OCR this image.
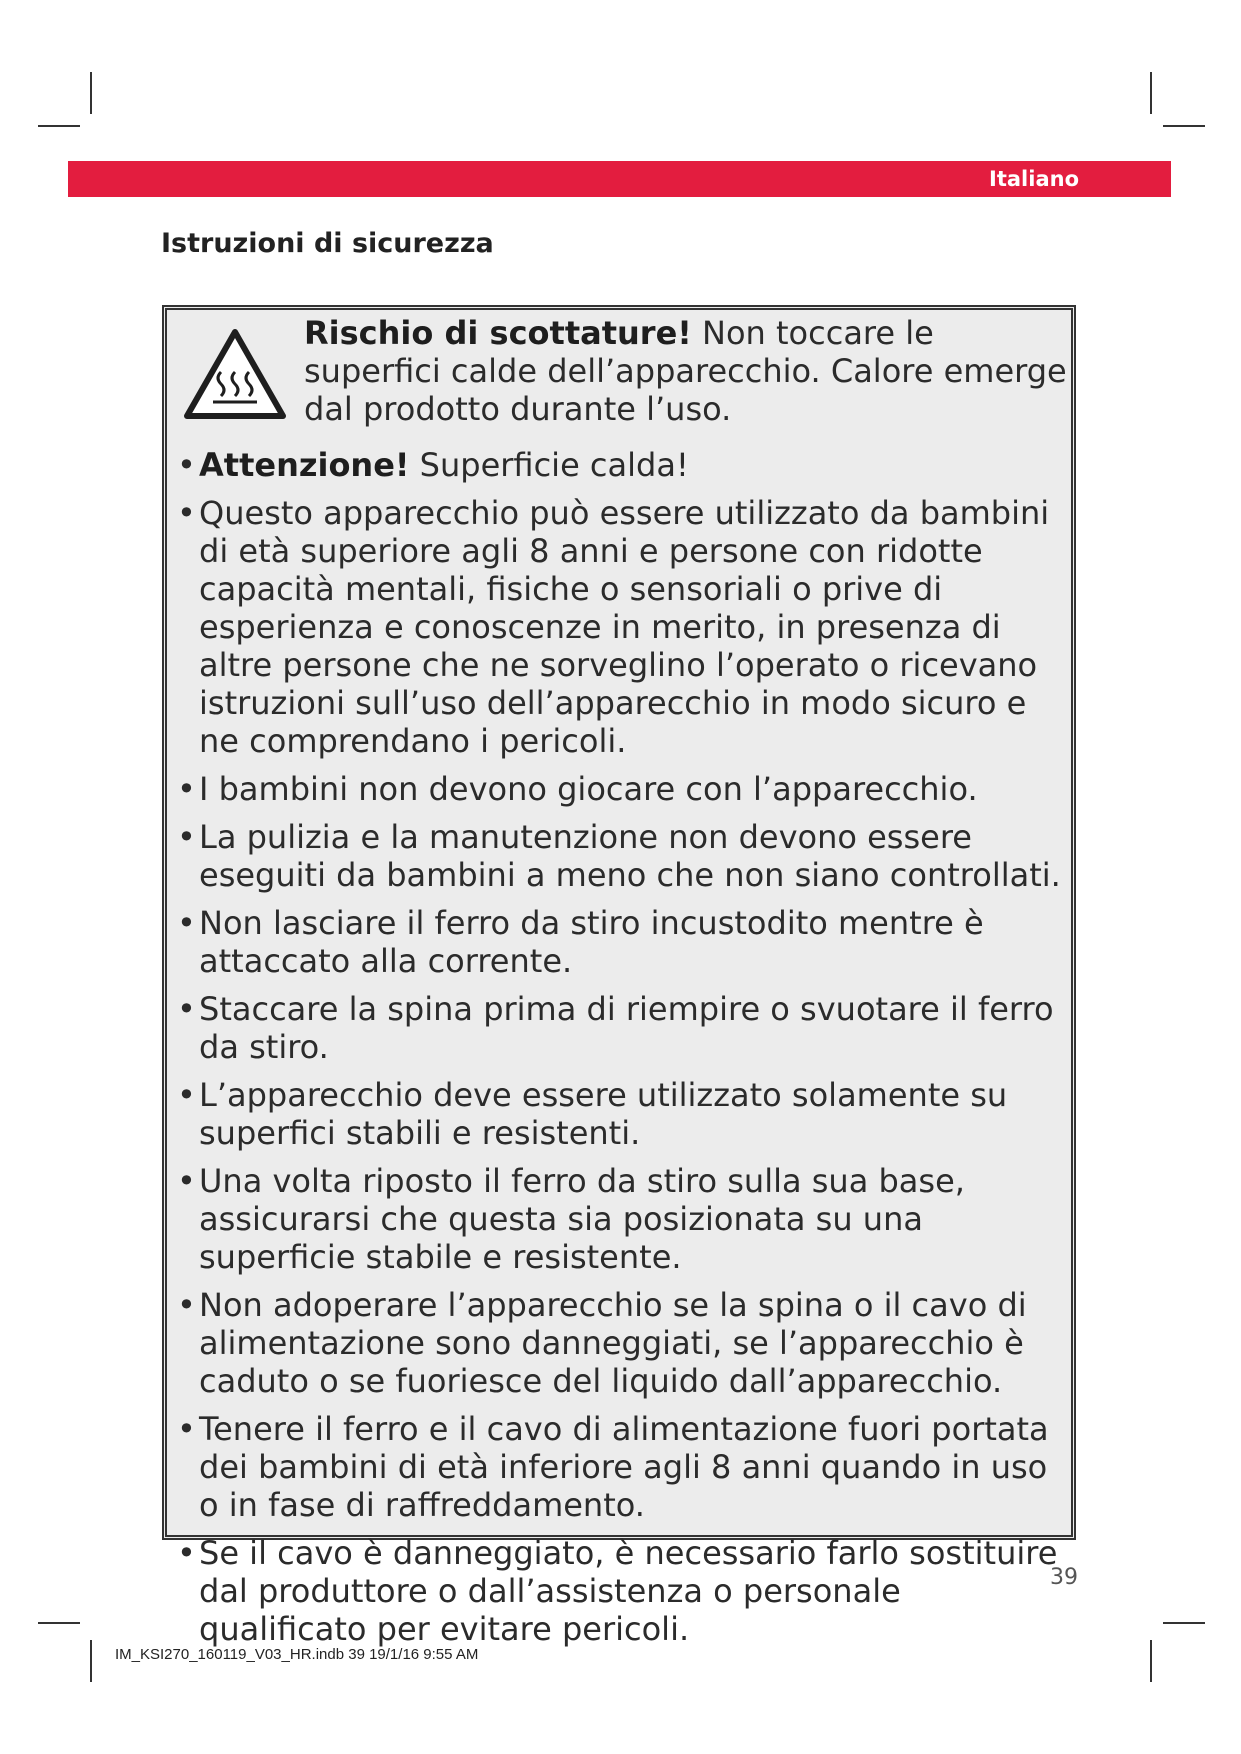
Italiano
Istruzioni di sicurezza
Rischio di scottature! Non toccare le superfici calde dell’apparecchio. Calore emerge dal prodotto durante l’uso.
• Attenzione! Superficie calda!
• Questo apparecchio può essere utilizzato da bambini di età superiore agli 8 anni e persone con ridotte capacità mentali, fisiche o sensoriali o prive di esperienza e conoscenze in merito, in presenza di altre persone che ne sorveglino l’operato o ricevano istruzioni sull’uso dell’apparecchio in modo sicuro e ne comprendano i pericoli.
• I bambini non devono giocare con l’apparecchio.
• La pulizia e la manutenzione non devono essere eseguiti da bambini a meno che non siano controllati.
• Non lasciare il ferro da stiro incustodito mentre è attaccato alla corrente.
• Staccare la spina prima di riempire o svuotare il ferro da stiro.
• L’apparecchio deve essere utilizzato solamente su superfici stabili e resistenti.
• Una volta riposto il ferro da stiro sulla sua base, assicurarsi che questa sia posizionata su una superficie stabile e resistente.
• Non adoperare l’apparecchio se la spina o il cavo di alimentazione sono danneggiati, se l’apparecchio è caduto o se fuoriesce del liquido dall’apparecchio.
• Tenere il ferro e il cavo di alimentazione fuori portata dei bambini di età inferiore agli 8 anni quando in uso o in fase di raffreddamento.
• Se il cavo è danneggiato, è necessario farlo sostituire dal produttore o dall’assistenza o personale qualificato per evitare pericoli.
39
IM_KSI270_160119_V03_HR.indb 39 19/1/16 9:55 AM
